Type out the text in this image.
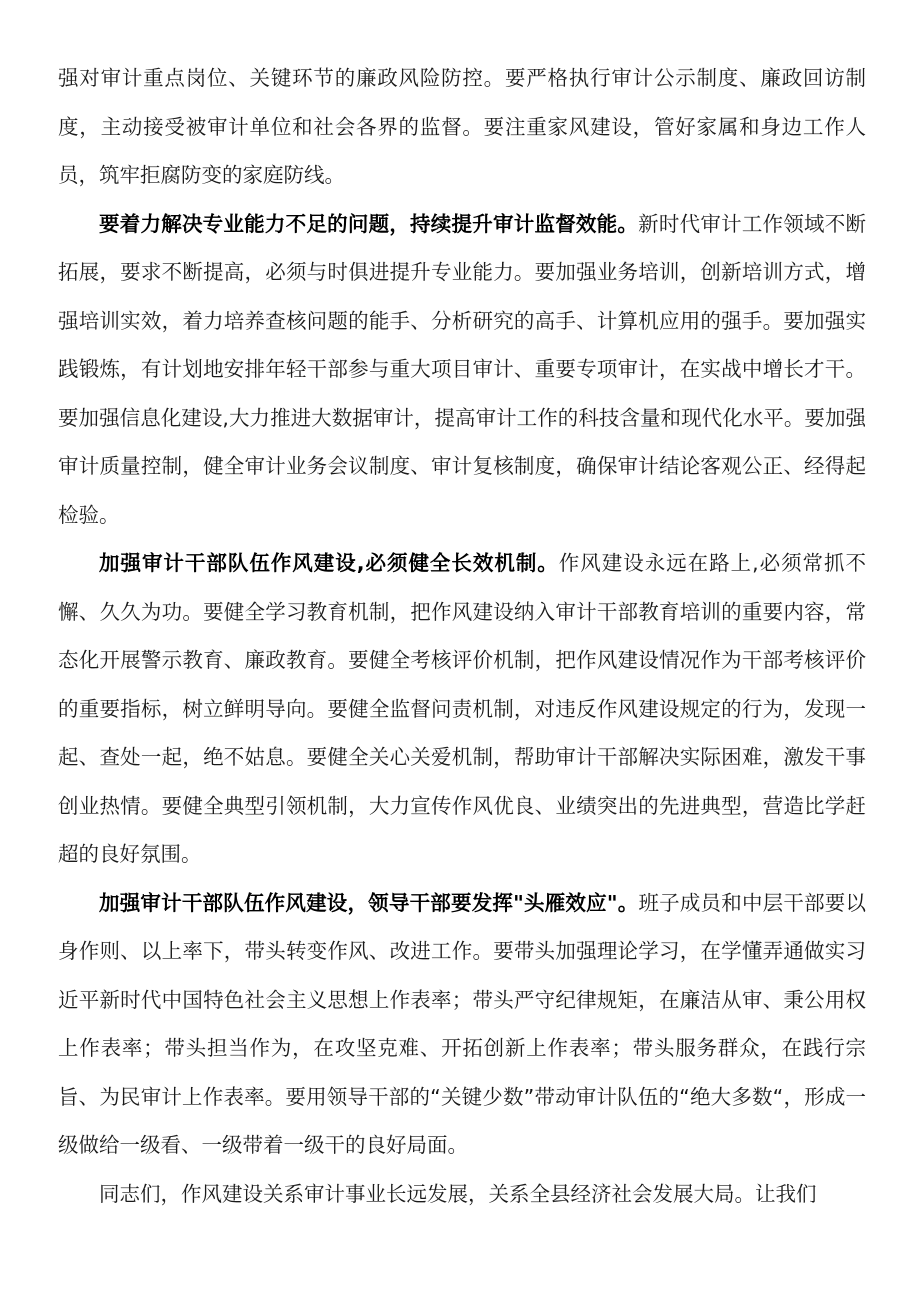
强对审计重点岗位、关键环节的廉政风险防控。要严格执行审计公示制度、廉政回访制度，主动接受被审计单位和社会各界的监督。要注重家风建设，管好家属和身边工作人员，筑牢拒腐防变的家庭防线。

要着力解决专业能力不足的问题，持续提升审计监督效能。新时代审计工作领域不断拓展，要求不断提高，必须与时俱进提升专业能力。要加强业务培训，创新培训方式，增强培训实效，着力培养查核问题的能手、分析研究的高手、计算机应用的强手。要加强实践锻炼，有计划地安排年轻干部参与重大项目审计、重要专项审计，在实战中增长才干。要加强信息化建设,大力推进大数据审计，提高审计工作的科技含量和现代化水平。要加强审计质量控制，健全审计业务会议制度、审计复核制度，确保审计结论客观公正、经得起检验。

加强审计干部队伍作风建设,必须健全长效机制。作风建设永远在路上,必须常抓不懈、久久为功。要健全学习教育机制，把作风建设纳入审计干部教育培训的重要内容，常态化开展警示教育、廉政教育。要健全考核评价机制，把作风建设情况作为干部考核评价的重要指标，树立鲜明导向。要健全监督问责机制，对违反作风建设规定的行为，发现一起、查处一起，绝不姑息。要健全关心关爱机制，帮助审计干部解决实际困难，激发干事创业热情。要健全典型引领机制，大力宣传作风优良、业绩突出的先进典型，营造比学赶超的良好氛围。

加强审计干部队伍作风建设，领导干部要发挥"头雁效应"。班子成员和中层干部要以身作则、以上率下，带头转变作风、改进工作。要带头加强理论学习，在学懂弄通做实习近平新时代中国特色社会主义思想上作表率；带头严守纪律规矩，在廉洁从审、秉公用权上作表率；带头担当作为，在攻坚克难、开拓创新上作表率；带头服务群众，在践行宗旨、为民审计上作表率。要用领导干部的“关键少数”带动审计队伍的“绝大多数“，形成一级做给一级看、一级带着一级干的良好局面。

同志们，作风建设关系审计事业长远发展，关系全县经济社会发展大局。让我们
